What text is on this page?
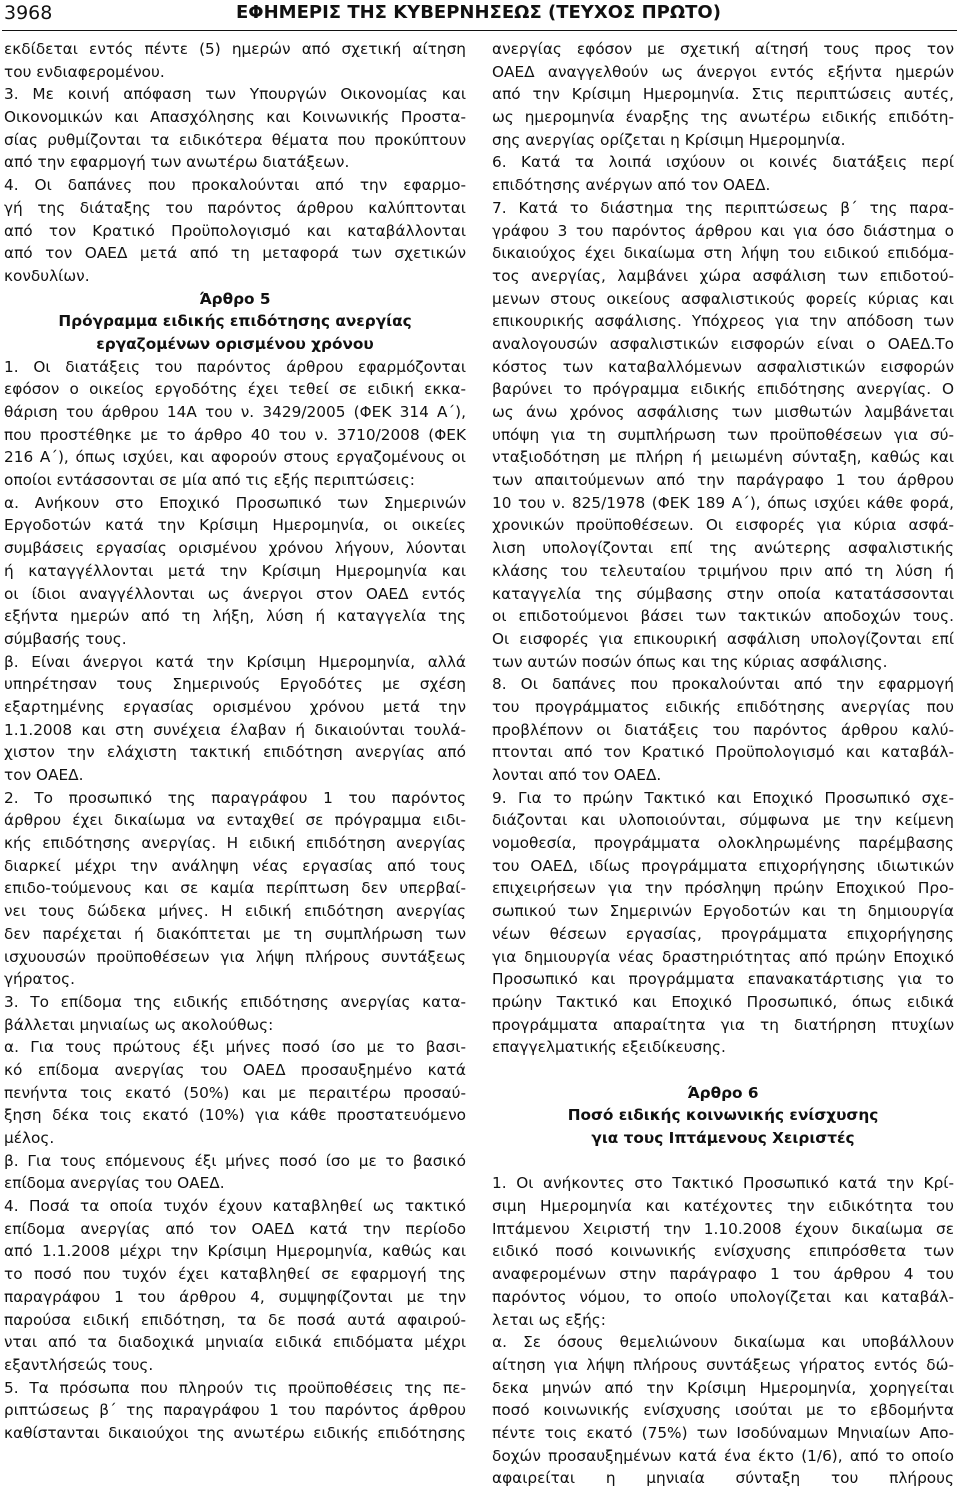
3968	ΕΦΗΜΕΡΙΣ ΤΗΣ ΚΥΒΕΡΝΗΣΕΩΣ (ΤΕΥΧΟΣ ΠΡΩΤΟ)
εκδίδεται εντός πέντε (5) ημερών από σχετική αίτηση
του ενδιαφερομένου.
3. Με κοινή απόφαση των Υπουργών Οικονομίας και
Οικονομικών και Απασχόλησης και Κοινωνικής Προστα-
σίας ρυθμίζονται τα ειδικότερα θέματα που προκύπτουν
από την εφαρμογή των ανωτέρω διατάξεων.
4. Οι δαπάνες που προκαλούνται από την εφαρμο-
γή της διάταξης του παρόντος άρθρου καλύπτονται
από τον Κρατικό Προϋπολογισμό και καταβάλλονται
από τον ΟΑΕΔ μετά από τη μεταφορά των σχετικών
κονδυλίων.
Άρθρο 5
Πρόγραμμα ειδικής επιδότησης ανεργίας
εργαζομένων ορισμένου χρόνου
1. Οι διατάξεις του παρόντος άρθρου εφαρμόζονται
εφόσον ο οικείος εργοδότης έχει τεθεί σε ειδική εκκα-
θάριση του άρθρου 14Α του ν. 3429/2005 (ΦΕΚ 314 Α΄),
που προστέθηκε με το άρθρο 40 του ν. 3710/2008 (ΦΕΚ
216 Α΄), όπως ισχύει, και αφορούν στους εργαζομένους οι
οποίοι εντάσσονται σε μία από τις εξής περιπτώσεις:
α. Ανήκουν στο Εποχικό Προσωπικό των Σημερινών
Εργοδοτών κατά την Κρίσιμη Ημερομηνία, οι οικείες
συμβάσεις εργασίας ορισμένου χρόνου λήγουν, λύονται
ή καταγγέλλονται μετά την Κρίσιμη Ημερομηνία και
οι ίδιοι αναγγέλλονται ως άνεργοι στον ΟΑΕΔ εντός
εξήντα ημερών από τη λήξη, λύση ή καταγγελία της
σύμβασής τους.
β. Είναι άνεργοι κατά την Κρίσιμη Ημερομηνία, αλλά
υπηρέτησαν τους Σημερινούς Εργοδότες με σχέση
εξαρτημένης εργασίας ορισμένου χρόνου μετά την
1.1.2008 και στη συνέχεια έλαβαν ή δικαιούνται τουλά-
χιστον την ελάχιστη τακτική επιδότηση ανεργίας από
τον ΟΑΕΔ.
2. Το προσωπικό της παραγράφου 1 του παρόντος
άρθρου έχει δικαίωμα να ενταχθεί σε πρόγραμμα ειδι-
κής επιδότησης ανεργίας. Η ειδική επιδότηση ανεργίας
διαρκεί μέχρι την ανάληψη νέας εργασίας από τους
επιδο-τούμενους και σε καμία περίπτωση δεν υπερβαί-
νει τους δώδεκα μήνες. Η ειδική επιδότηση ανεργίας
δεν παρέχεται ή διακόπτεται με τη συμπλήρωση των
ισχυουσών προϋποθέσεων για λήψη πλήρους συντάξεως
γήρατος.
3. Το επίδομα της ειδικής επιδότησης ανεργίας κατα-
βάλλεται μηνιαίως ως ακολούθως:
α. Για τους πρώτους έξι μήνες ποσό ίσο με το βασι-
κό επίδομα ανεργίας του ΟΑΕΔ προσαυξημένο κατά
πενήντα τοις εκατό (50%) και με περαιτέρω προσαύ-
ξηση δέκα τοις εκατό (10%) για κάθε προστατευόμενο
μέλος.
β. Για τους επόμενους έξι μήνες ποσό ίσο με το βασικό
επίδομα ανεργίας του ΟΑΕΔ.
4. Ποσά τα οποία τυχόν έχουν καταβληθεί ως τακτικό
επίδομα ανεργίας από τον ΟΑΕΔ κατά την περίοδο
από 1.1.2008 μέχρι την Κρίσιμη Ημερομηνία, καθώς και
το ποσό που τυχόν έχει καταβληθεί σε εφαρμογή της
παραγράφου 1 του άρθρου 4, συμψηφίζονται με την
παρούσα ειδική επιδότηση, τα δε ποσά αυτά αφαιρού-
νται από τα διαδοχικά μηνιαία ειδικά επιδόματα μέχρι
εξαντλήσεώς τους.
5. Τα πρόσωπα που πληρούν τις προϋποθέσεις της πε-
ριπτώσεως β΄ της παραγράφου 1 του παρόντος άρθρου
καθίστανται δικαιούχοι της ανωτέρω ειδικής επιδότησης
ανεργίας εφόσον με σχετική αίτησή τους προς τον
ΟΑΕΔ αναγγελθούν ως άνεργοι εντός εξήντα ημερών
από την Κρίσιμη Ημερομηνία. Στις περιπτώσεις αυτές,
ως ημερομηνία έναρξης της ανωτέρω ειδικής επιδότη-
σης ανεργίας ορίζεται η Κρίσιμη Ημερομηνία.
6. Κατά τα λοιπά ισχύουν οι κοινές διατάξεις περί
επιδότησης ανέργων από τον ΟΑΕΔ.
7. Κατά το διάστημα της περιπτώσεως β΄ της παρα-
γράφου 3 του παρόντος άρθρου και για όσο διάστημα ο
δικαιούχος έχει δικαίωμα στη λήψη του ειδικού επιδόμα-
τος ανεργίας, λαμβάνει χώρα ασφάλιση των επιδοτού-
μενων στους οικείους ασφαλιστικούς φορείς κύριας και
επικουρικής ασφάλισης. Υπόχρεος για την απόδοση των
αναλογουσών ασφαλιστικών εισφορών είναι ο ΟΑΕΔ.Το
κόστος των καταβαλλόμενων ασφαλιστικών εισφορών
βαρύνει το πρόγραμμα ειδικής επιδότησης ανεργίας. Ο
ως άνω χρόνος ασφάλισης των μισθωτών λαμβάνεται
υπόψη για τη συμπλήρωση των προϋποθέσεων για σύ-
νταξιοδότηση με πλήρη ή μειωμένη σύνταξη, καθώς και
των απαιτούμενων από την παράγραφο 1 του άρθρου
10 του ν. 825/1978 (ΦΕΚ 189 Α΄), όπως ισχύει κάθε φορά,
χρονικών προϋποθέσεων. Οι εισφορές για κύρια ασφά-
λιση υπολογίζονται επί της ανώτερης ασφαλιστικής
κλάσης του τελευταίου τριμήνου πριν από τη λύση ή
καταγγελία της σύμβασης στην οποία κατατάσσονται
οι επιδοτούμενοι βάσει των τακτικών αποδοχών τους.
Οι εισφορές για επικουρική ασφάλιση υπολογίζονται επί
των αυτών ποσών όπως και της κύριας ασφάλισης.
8. Οι δαπάνες που προκαλούνται από την εφαρμογή
του προγράμματος ειδικής επιδότησης ανεργίας που
προβλέπονν οι διατάξεις του παρόντος άρθρου καλύ-
πτονται από τον Κρατικό Προϋπολογισμό και καταβάλ-
λονται από τον ΟΑΕΔ.
9. Για το πρώην Τακτικό και Εποχικό Προσωπικό σχε-
διάζονται και υλοποιούνται, σύμφωνα με την κείμενη
νομοθεσία, προγράμματα ολοκληρωμένης παρέμβασης
του ΟΑΕΔ, ιδίως προγράμματα επιχορήγησης ιδιωτικών
επιχειρήσεων για την πρόσληψη πρώην Εποχικού Προ-
σωπικού των Σημερινών Εργοδοτών και τη δημιουργία
νέων θέσεων εργασίας, προγράμματα επιχορήγησης
για δημιουργία νέας δραστηριότητας από πρώην Εποχικό
Προσωπικό και προγράμματα επανακατάρτισης για το
πρώην Τακτικό και Εποχικό Προσωπικό, όπως ειδικά
προγράμματα απαραίτητα για τη διατήρηση πτυχίων
επαγγελματικής εξειδίκευσης.
Άρθρο 6
Ποσό ειδικής κοινωνικής ενίσχυσης
για τους Ιπτάμενους Χειριστές
1. Οι ανήκοντες στο Τακτικό Προσωπικό κατά την Κρί-
σιμη Ημερομηνία και κατέχοντες την ειδικότητα του
Ιπτάμενου Χειριστή την 1.10.2008 έχουν δικαίωμα σε
ειδικό ποσό κοινωνικής ενίσχυσης επιπρόσθετα των
αναφερομένων στην παράγραφο 1 του άρθρου 4 του
παρόντος νόμου, το οποίο υπολογίζεται και καταβάλ-
λεται ως εξής:
α. Σε όσους θεμελιώνουν δικαίωμα και υποβάλλουν
αίτηση για λήψη πλήρους συντάξεως γήρατος εντός δώ-
δεκα μηνών από την Κρίσιμη Ημερομηνία, χορηγείται
ποσό κοινωνικής ενίσχυσης ισούται με το εβδομήντα
πέντε τοις εκατό (75%) των Ισοδύναμων Μηνιαίων Απο-
δοχών προσαυξημένων κατά ένα έκτο (1/6), από το οποίο
αφαιρείται η μηνιαία σύνταξη του πλήρους
